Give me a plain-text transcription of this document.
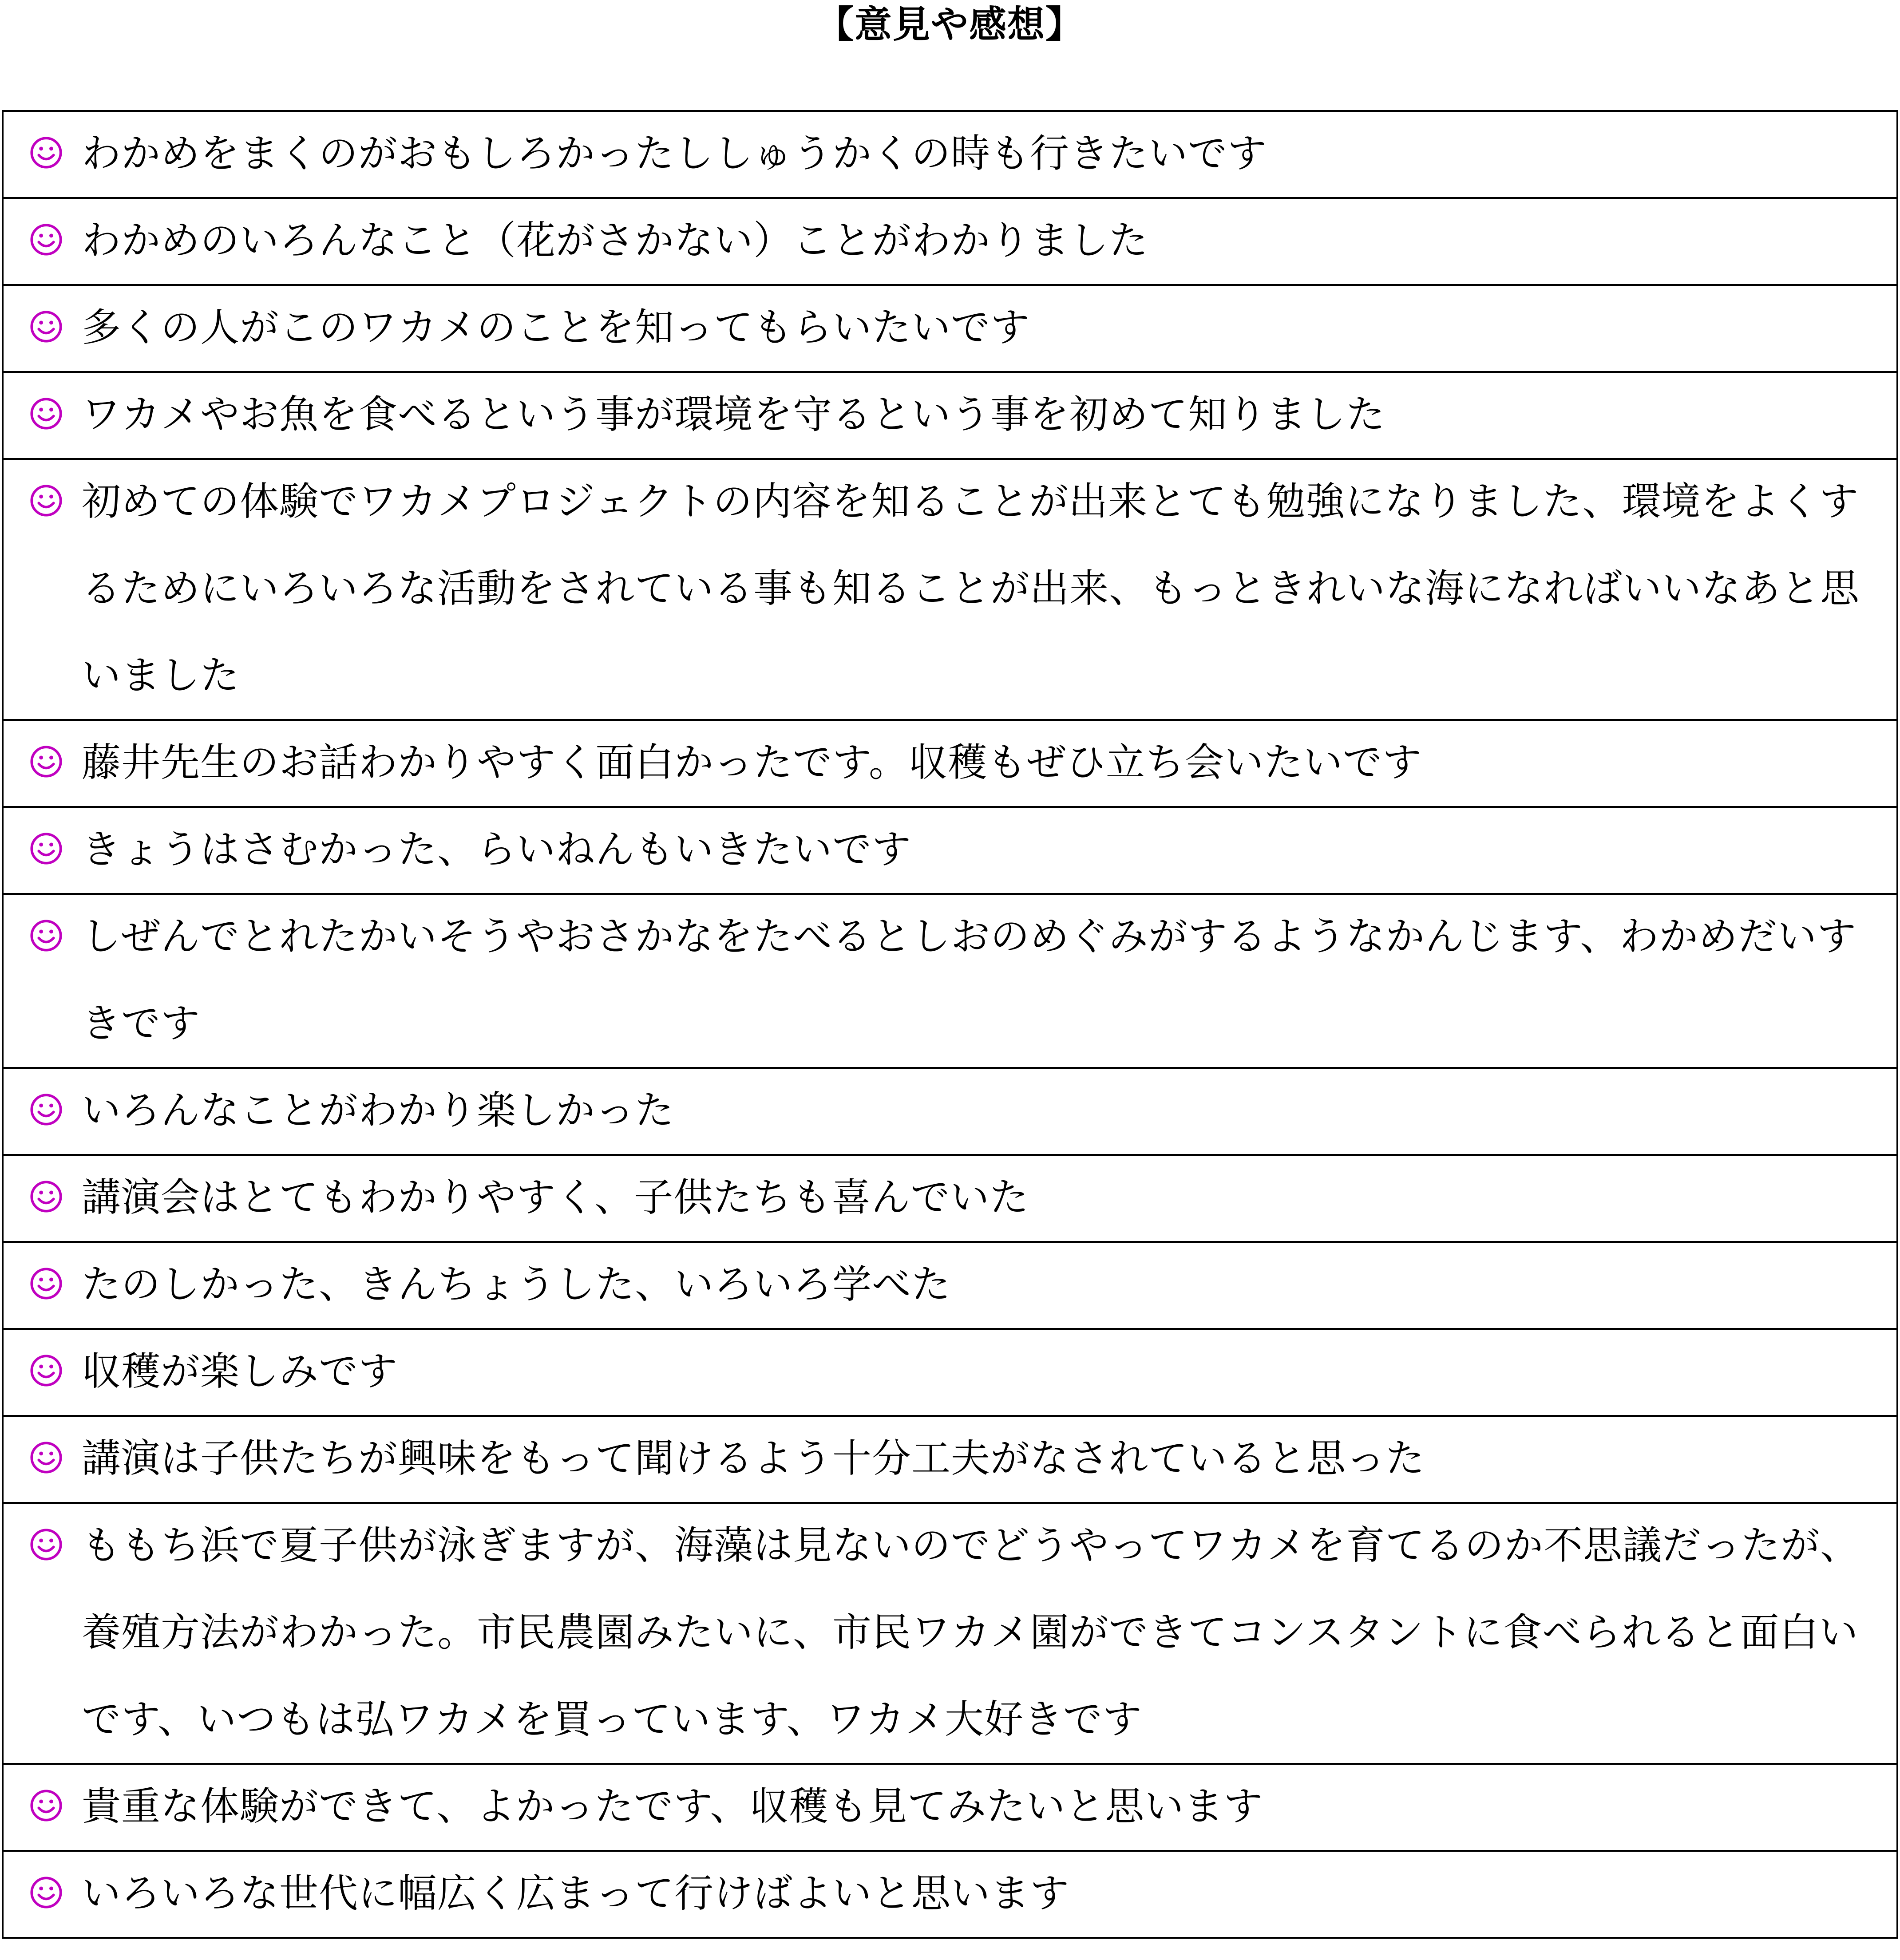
【意見や感想】
わかめをまくのがおもしろかったししゅうかくの時も行きたいです

わかめのいろんなこと（花がさかない）ことがわかりました

多くの人がこのワカメのことを知ってもらいたいです

ワカメやお魚を食べるという事が環境を守るという事を初めて知りました

初めての体験でワカメプロジェクトの内容を知ることが出来とても勉強になりました、環境をよくするためにいろいろな活動をされている事も知ることが出来、もっときれいな海になればいいなあと思いました

藤井先生のお話わかりやすく面白かったです。収穫もぜひ立ち会いたいです

きょうはさむかった、らいねんもいきたいです

しぜんでとれたかいそうやおさかなをたべるとしおのめぐみがするようなかんじます、わかめだいすきです

いろんなことがわかり楽しかった

講演会はとてもわかりやすく、子供たちも喜んでいた

たのしかった、きんちょうした、いろいろ学べた

収穫が楽しみです

講演は子供たちが興味をもって聞けるよう十分工夫がなされていると思った

ももち浜で夏子供が泳ぎますが、海藻は見ないのでどうやってワカメを育てるのか不思議だったが、養殖方法がわかった。市民農園みたいに、市民ワカメ園ができてコンスタントに食べられると面白いです、いつもは弘ワカメを買っています、ワカメ大好きです

貴重な体験ができて、よかったです、収穫も見てみたいと思います

いろいろな世代に幅広く広まって行けばよいと思います
